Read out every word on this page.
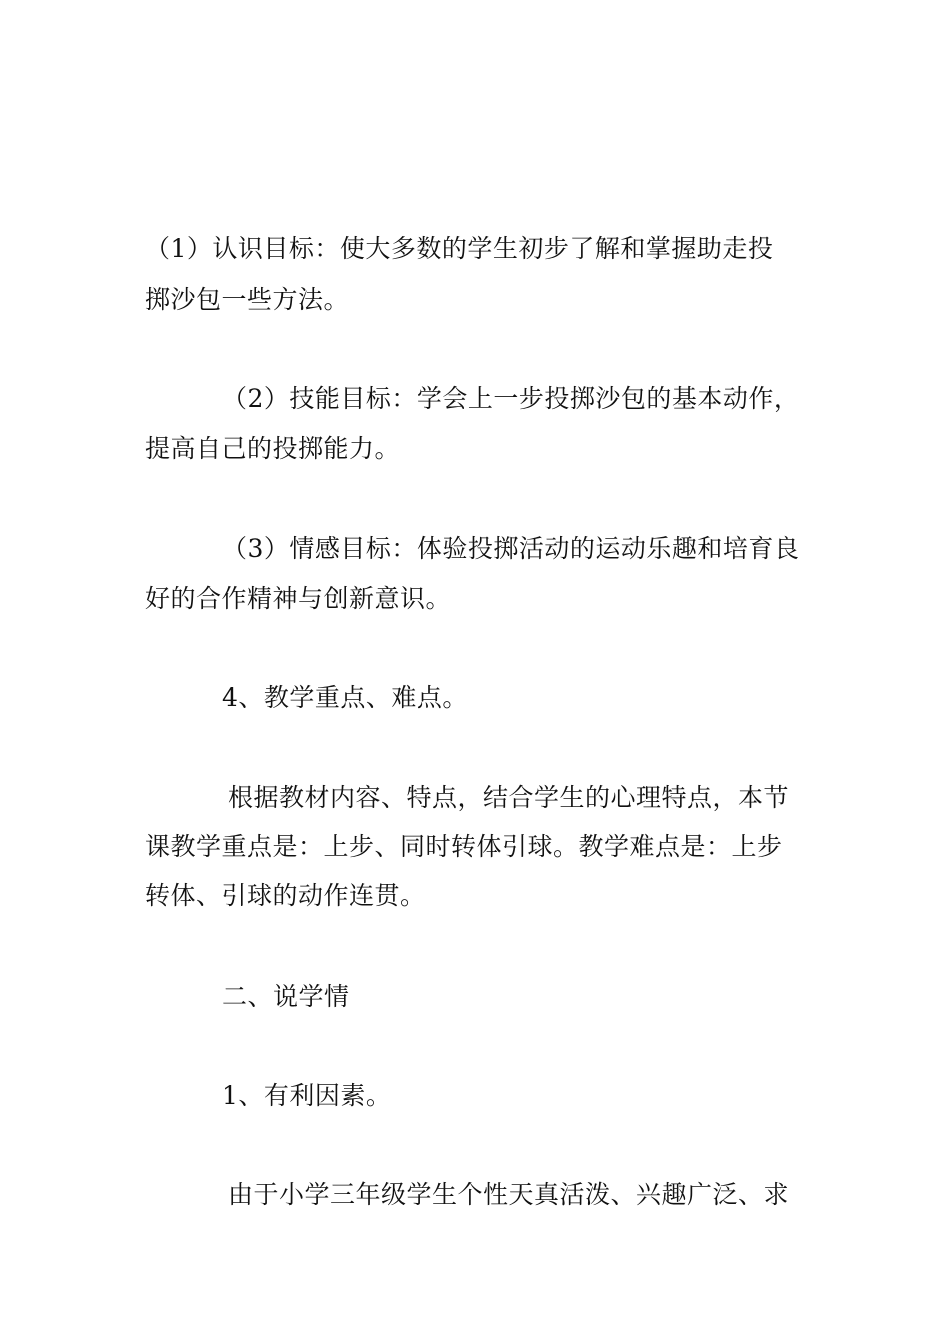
（1）认识目标：使大多数的学生初步了解和掌握助走投
掷沙包一些方法。
（2）技能目标：学会上一步投掷沙包的基本动作，
提高自己的投掷能力。
（3）情感目标：体验投掷活动的运动乐趣和培育良
好的合作精神与创新意识。
4、教学重点、难点。
根据教材内容、特点，结合学生的心理特点，本节
课教学重点是：上步、同时转体引球。教学难点是：上步
转体、引球的动作连贯。
二、说学情
1、有利因素。
由于小学三年级学生个性天真活泼、兴趣广泛、求
